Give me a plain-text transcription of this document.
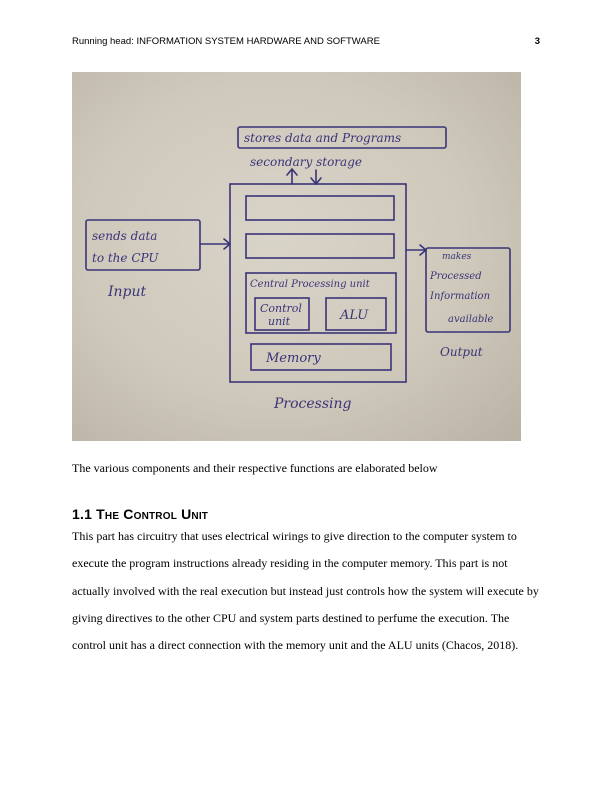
Running head: INFORMATION SYSTEM HARDWARE AND SOFTWARE	3
stores data and Programs
secondary storage
sends data
to the CPU
Input	Central Processing unit
Control
unit	ALU
Memory
Processing
makes
Processed
Information
available
Output
The various components and their respective functions are elaborated below
1.1 The Control Unit

This part has circuitry that uses electrical wirings to give direction to the computer system to execute the program instructions already residing in the computer memory. This part is not actually involved with the real execution but instead just controls how the system will execute by giving directives to the other CPU and system parts destined to perfume the execution. The control unit has a direct connection with the memory unit and the ALU units (Chacos, 2018).
